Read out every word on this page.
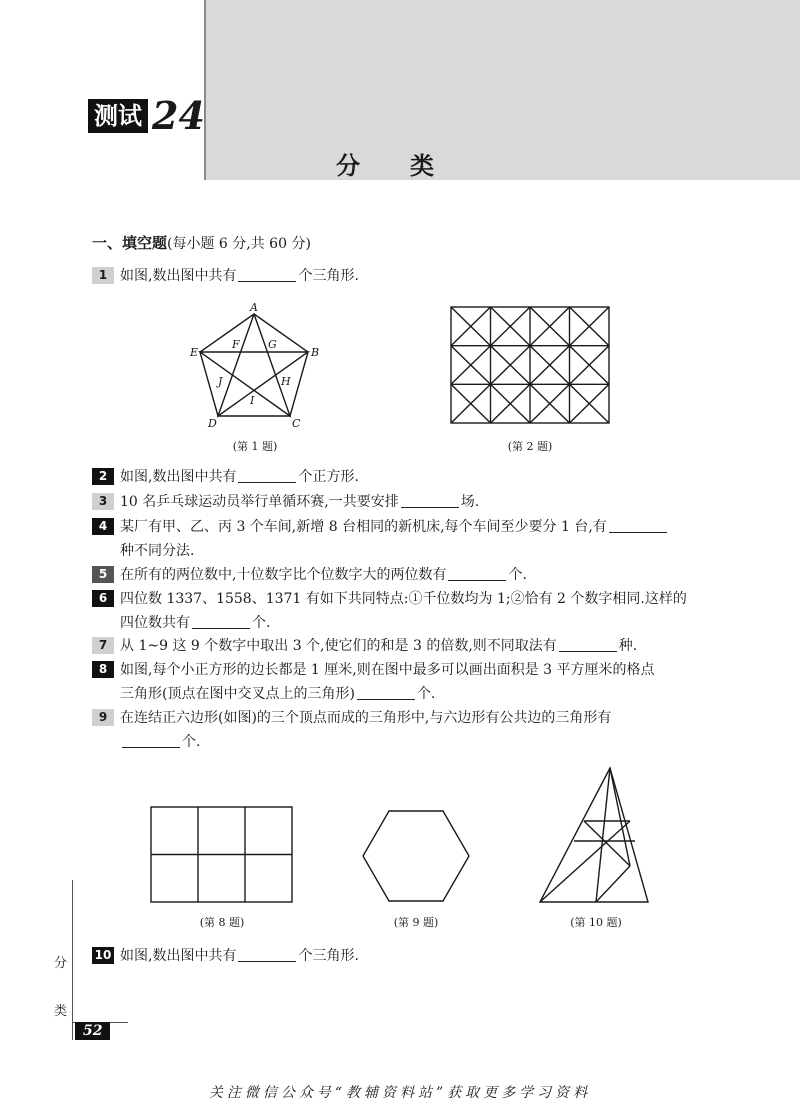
测试 24
分类
一、填空题(每小题 6 分,共 60 分)
1 如图,数出图中共有	个三角形.
A
B
C
D
E
F	G
H
I
J
(第 1 题)	(第 2 题)
2 如图,数出图中共有	个正方形.
3 10 名乒乓球运动员举行单循环赛,一共要安排	场.
4 某厂有甲、乙、丙 3 个车间,新增 8 台相同的新机床,每个车间至少要分 1 台,有
种不同分法.
5 在所有的两位数中,十位数字比个位数字大的两位数有	个.
6 四位数 1337、1558、1371 有如下共同特点:①千位数均为 1;②恰有 2 个数字相同.这样的
四位数共有	个.
7 从 1~9 这 9 个数字中取出 3 个,使它们的和是 3 的倍数,则不同取法有	种.
8 如图,每个小正方形的边长都是 1 厘米,则在图中最多可以画出面积是 3 平方厘米的格点
三角形(顶点在图中交叉点上的三角形)	个.
9 在连结正六边形(如图)的三个顶点而成的三角形中,与六边形有公共边的三角形有
个.
(第 8 题)	(第 9 题)	(第 10 题)
10 如图,数出图中共有	个三角形.
分
类
52
关注微信公众号“教辅资料站”获取更多学习资料
